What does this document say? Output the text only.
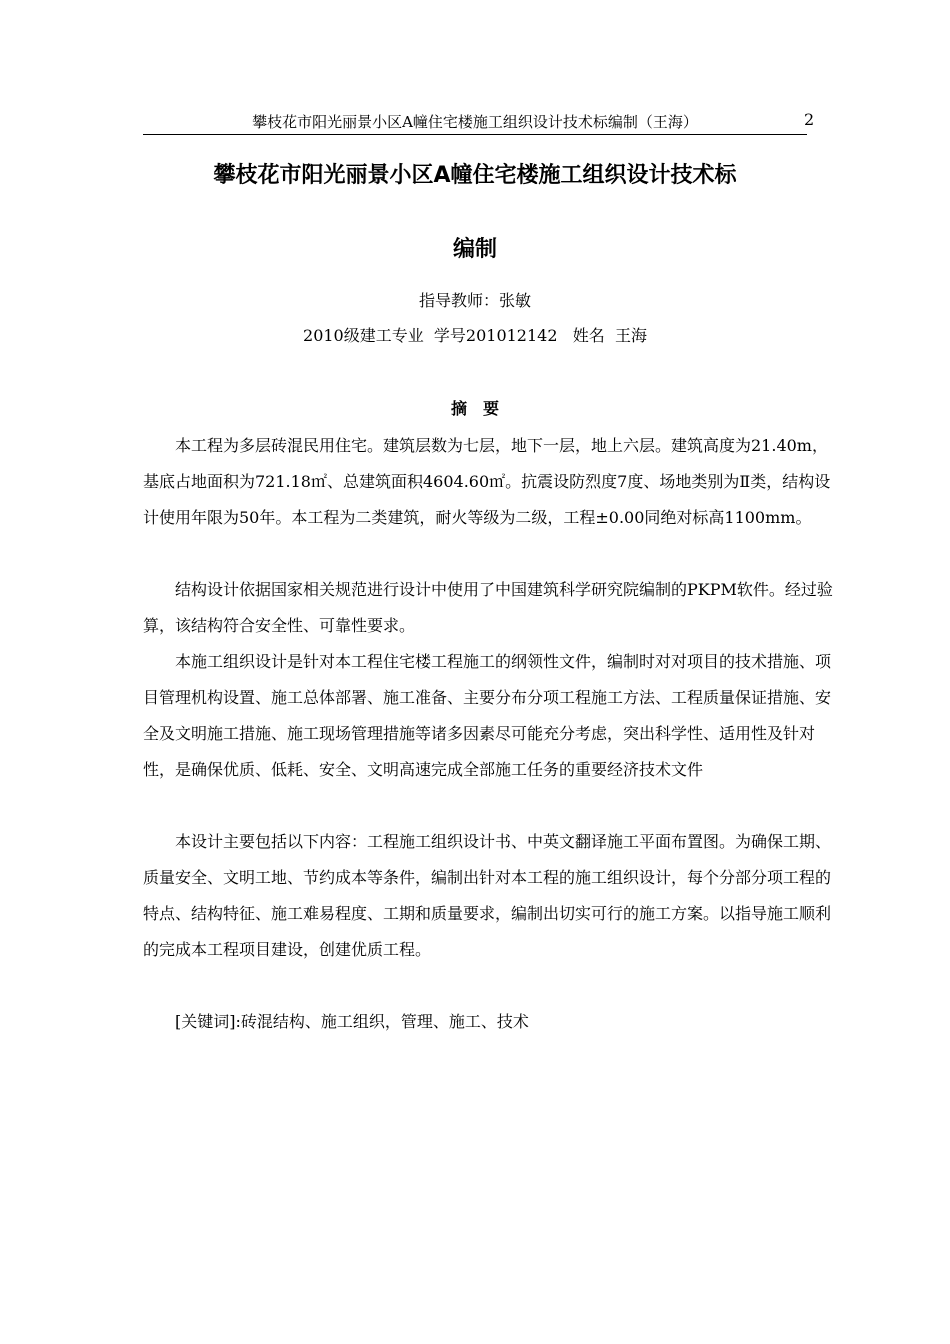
攀枝花市阳光丽景小区A幢住宅楼施工组织设计技术标编制（王海）	2
攀枝花市阳光丽景小区A幢住宅楼施工组织设计技术标
编制
指导教师：张敏
2010级建工专业  学号201012142   姓名  王海
摘　要

本工程为多层砖混民用住宅。建筑层数为七层，地下一层，地上六层。建筑高度为21.40m，基底占地面积为721.18㎡、总建筑面积4604.60㎡。抗震设防烈度7度、场地类别为Ⅱ类，结构设计使用年限为50年。本工程为二类建筑，耐火等级为二级，工程±0.00同绝对标高1100mm。

结构设计依据国家相关规范进行设计中使用了中国建筑科学研究院编制的PKPM软件。经过验算，该结构符合安全性、可靠性要求。

本施工组织设计是针对本工程住宅楼工程施工的纲领性文件，编制时对对项目的技术措施、项目管理机构设置、施工总体部署、施工准备、主要分布分项工程施工方法、工程质量保证措施、安全及文明施工措施、施工现场管理措施等诸多因素尽可能充分考虑，突出科学性、适用性及针对性，是确保优质、低耗、安全、文明高速完成全部施工任务的重要经济技术文件

本设计主要包括以下内容：工程施工组织设计书、中英文翻译施工平面布置图。为确保工期、质量安全、文明工地、节约成本等条件，编制出针对本工程的施工组织设计，每个分部分项工程的特点、结构特征、施工难易程度、工期和质量要求，编制出切实可行的施工方案。以指导施工顺利的完成本工程项目建设，创建优质工程。

[关键词]:砖混结构、施工组织，管理、施工、技术
